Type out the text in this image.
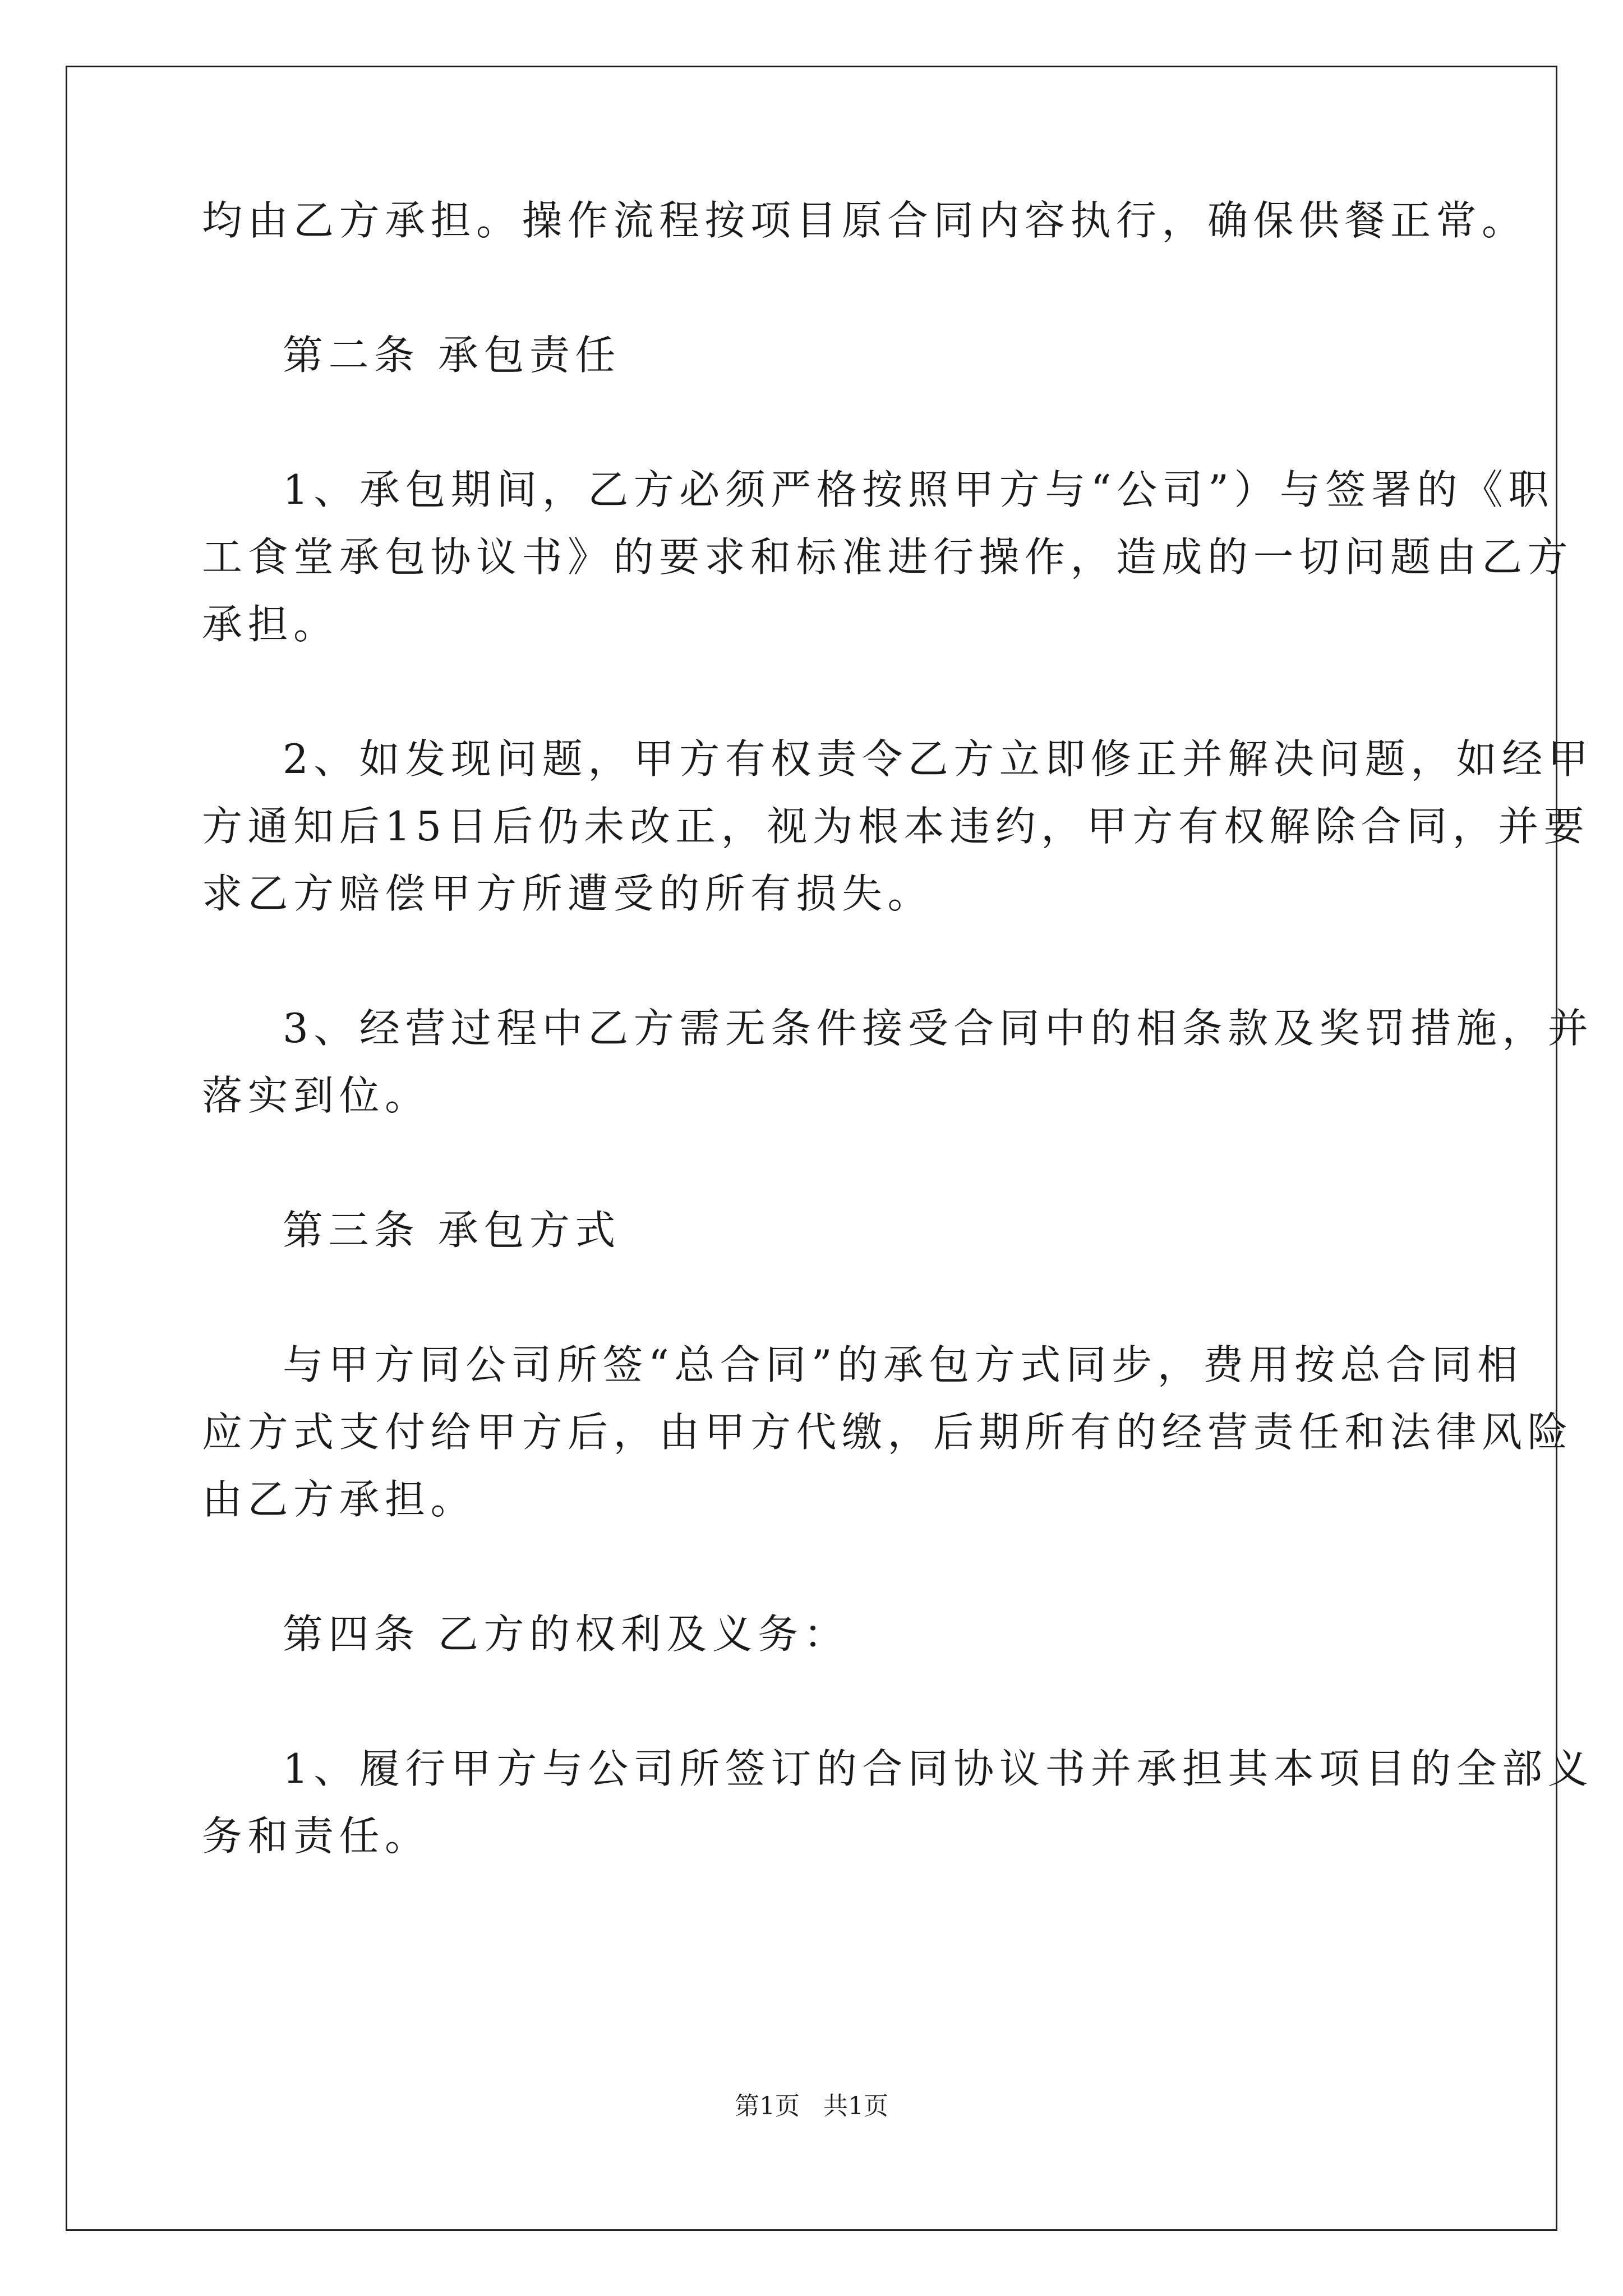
均由乙方承担。操作流程按项目原合同内容执行，确保供餐正常。
第二条 承包责任
1、承包期间，乙方必须严格按照甲方与“公司”）与签署的《职
工食堂承包协议书》的要求和标准进行操作，造成的一切问题由乙方
承担。
2、如发现问题，甲方有权责令乙方立即修正并解决问题，如经甲
方通知后15日后仍未改正，视为根本违约，甲方有权解除合同，并要
求乙方赔偿甲方所遭受的所有损失。
3、经营过程中乙方需无条件接受合同中的相条款及奖罚措施，并
落实到位。
第三条 承包方式
与甲方同公司所签“总合同”的承包方式同步，费用按总合同相
应方式支付给甲方后，由甲方代缴，后期所有的经营责任和法律风险
由乙方承担。
第四条 乙方的权利及义务：
1、履行甲方与公司所签订的合同协议书并承担其本项目的全部义
务和责任。
第1页   共1页
